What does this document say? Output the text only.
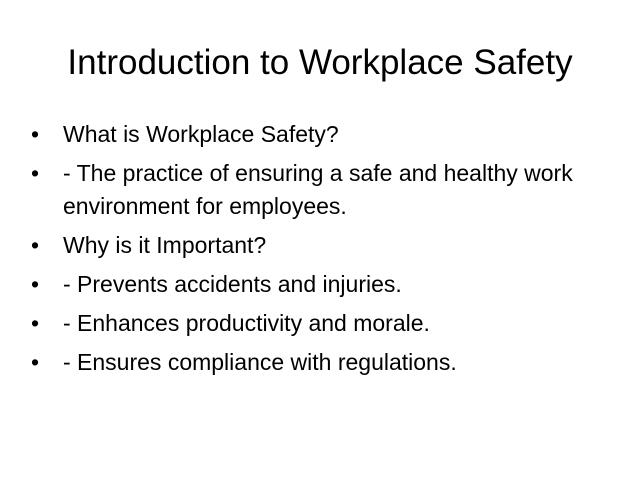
Introduction to Workplace Safety
•	What is Workplace Safety?
•	- The practice of ensuring a safe and healthy work environment for employees.
•	Why is it Important?
•	- Prevents accidents and injuries.
•	- Enhances productivity and morale.
•	- Ensures compliance with regulations.
